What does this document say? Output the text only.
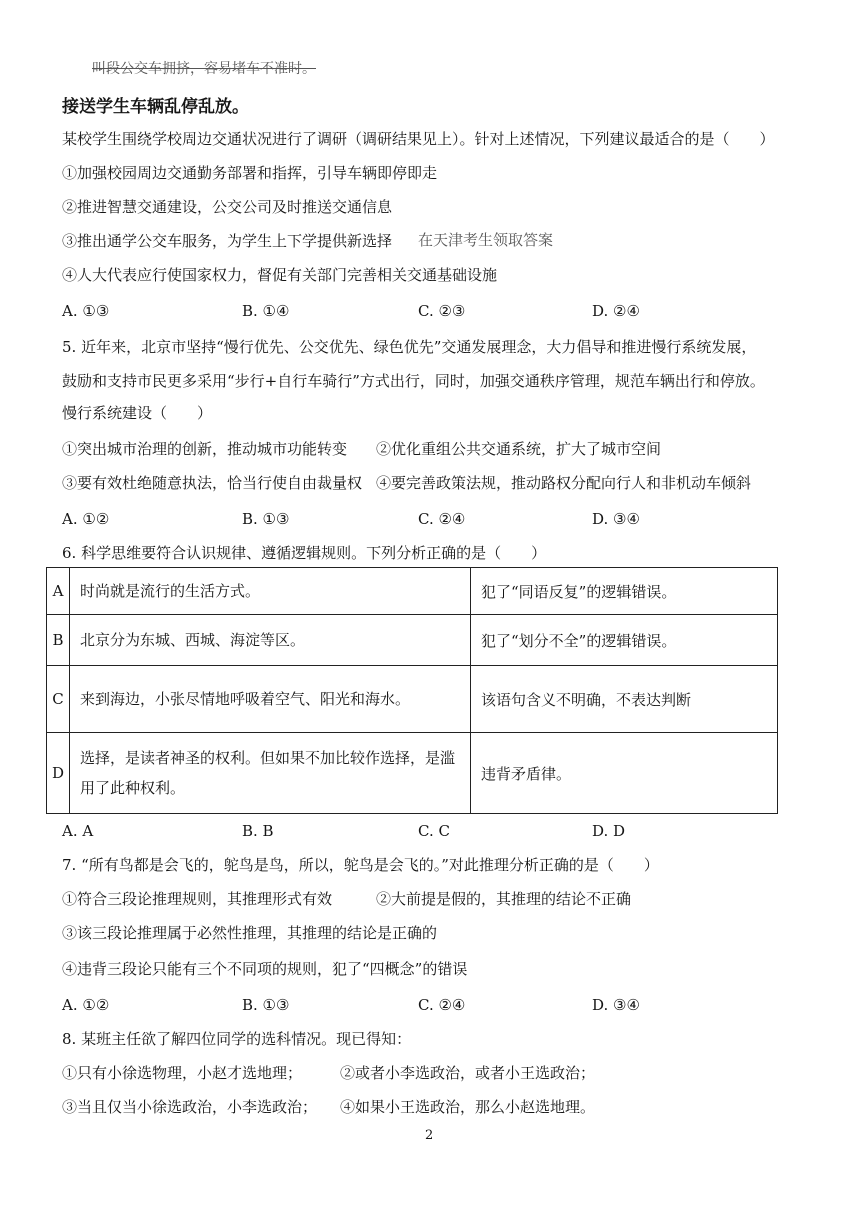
叫段公交车拥挤，容易堵车不准时。
接送学生车辆乱停乱放。
某校学生围绕学校周边交通状况进行了调研（调研结果见上）。针对上述情况，下列建议最适合的是（　　）
①加强校园周边交通勤务部署和指挥，引导车辆即停即走
②推进智慧交通建设，公交公司及时推送交通信息
③推出通学公交车服务，为学生上下学提供新选择 在天津考生领取答案
④人大代表应行使国家权力，督促有关部门完善相关交通基础设施
A. ①③	B. ①④	C. ②③	D. ②④
5. 近年来，北京市坚持“慢行优先、公交优先、绿色优先”交通发展理念，大力倡导和推进慢行系统发展，
鼓励和支持市民更多采用“步行+自行车骑行”方式出行，同时，加强交通秩序管理，规范车辆出行和停放。
慢行系统建设（　　）
①突出城市治理的创新，推动城市功能转变 ②优化重组公共交通系统，扩大了城市空间
③要有效杜绝随意执法，恰当行使自由裁量权 ④要完善政策法规，推动路权分配向行人和非机动车倾斜
A. ①②	B. ①③	C. ②④	D. ③④
6. 科学思维要符合认识规律、遵循逻辑规则。下列分析正确的是（　　）
A	时尚就是流行的生活方式。	犯了“同语反复”的逻辑错误。
B	北京分为东城、西城、海淀等区。	犯了“划分不全”的逻辑错误。
C	来到海边，小张尽情地呼吸着空气、阳光和海水。	该语句含义不明确，不表达判断
D	选择，是读者神圣的权利。但如果不加比较作选择，是滥
用了此种权利。	违背矛盾律。
A. A	B. B	C. C	D. D
7. “所有鸟都是会飞的，鸵鸟是鸟，所以，鸵鸟是会飞的。”对此推理分析正确的是（　　）
①符合三段论推理规则，其推理形式有效	②大前提是假的，其推理的结论不正确
③该三段论推理属于必然性推理，其推理的结论是正确的
④违背三段论只能有三个不同项的规则，犯了“四概念”的错误
A. ①②	B. ①③	C. ②④	D. ③④
8. 某班主任欲了解四位同学的选科情况。现已得知：
①只有小徐选物理，小赵才选地理；	②或者小李选政治，或者小王选政治；
③当且仅当小徐选政治，小李选政治； ④如果小王选政治，那么小赵选地理。
2
